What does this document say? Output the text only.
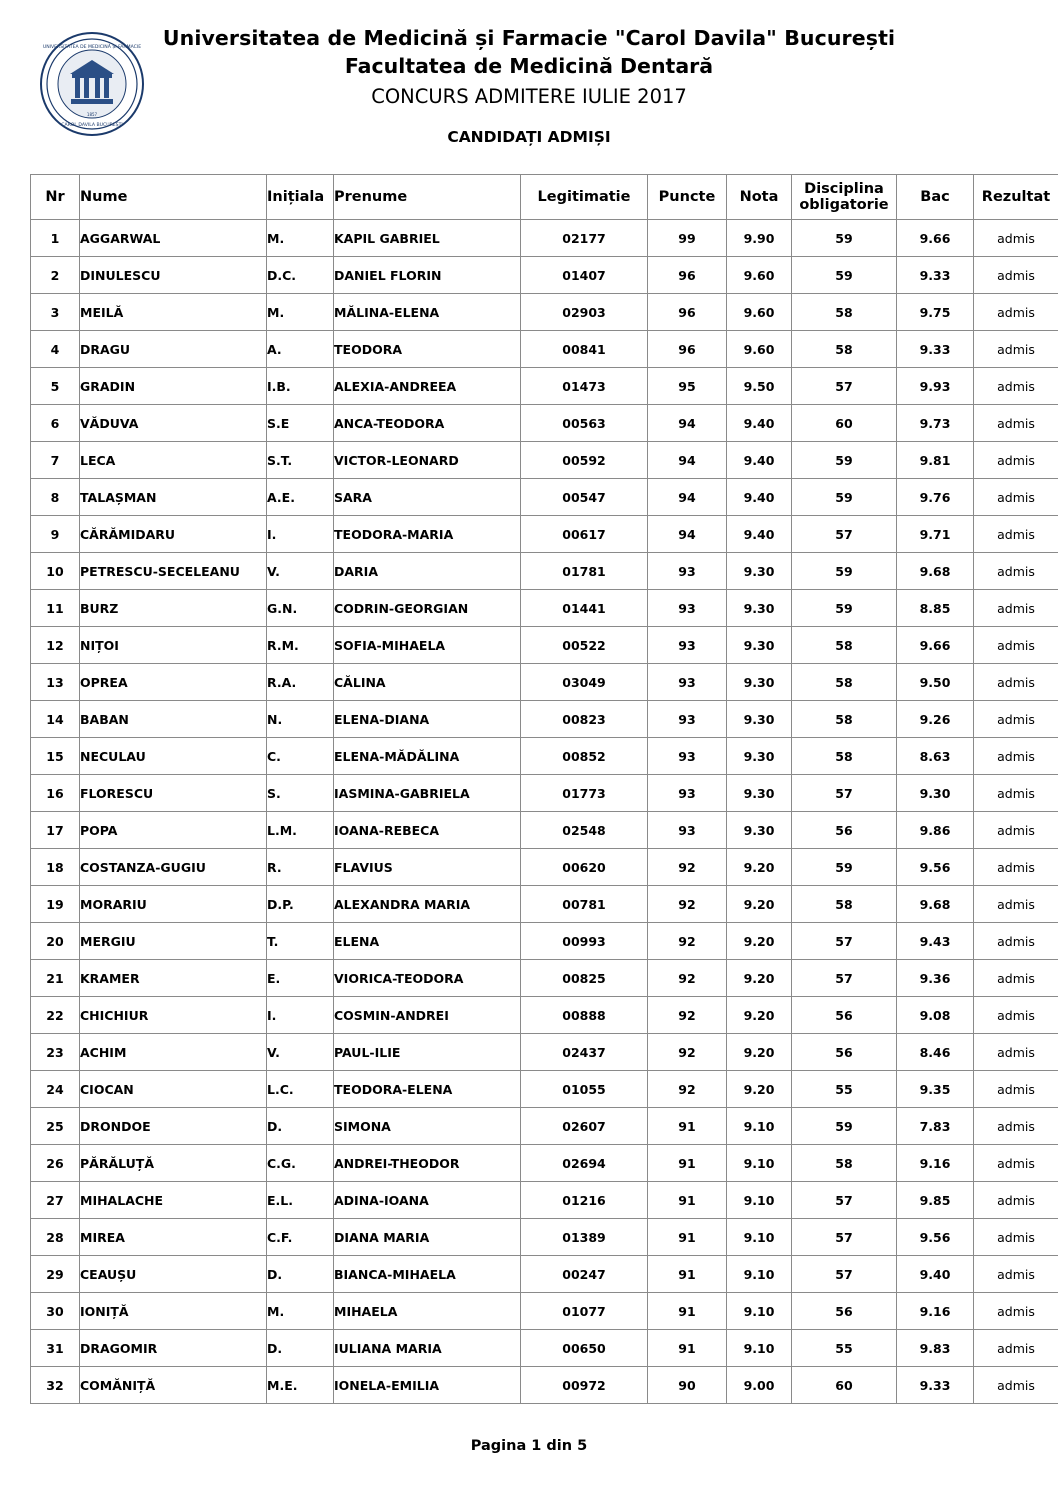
UNIVERSITATEA DE MEDICINĂ ȘI FARMACIE
CAROL DAVILA BUCUREȘTI
1857
Universitatea de Medicină și Farmacie "Carol Davila" București
Facultatea de Medicină Dentară
CONCURS ADMITERE IULIE 2017
CANDIDAȚI ADMIȘI
Nr	Nume	Inițiala	Prenume	Legitimatie	Puncte	Nota	Disciplina
obligatorie	Bac	Rezultat
1	AGGARWAL	M.	KAPIL GABRIEL	02177	99	9.90	59	9.66	admis
2	DINULESCU	D.C.	DANIEL FLORIN	01407	96	9.60	59	9.33	admis
3	MEILĂ	M.	MĂLINA-ELENA	02903	96	9.60	58	9.75	admis
4	DRAGU	A.	TEODORA	00841	96	9.60	58	9.33	admis
5	GRADIN	I.B.	ALEXIA-ANDREEA	01473	95	9.50	57	9.93	admis
6	VĂDUVA	S.E	ANCA-TEODORA	00563	94	9.40	60	9.73	admis
7	LECA	S.T.	VICTOR-LEONARD	00592	94	9.40	59	9.81	admis
8	TALAȘMAN	A.E.	SARA	00547	94	9.40	59	9.76	admis
9	CĂRĂMIDARU	I.	TEODORA-MARIA	00617	94	9.40	57	9.71	admis
10	PETRESCU-SECELEANU	V.	DARIA	01781	93	9.30	59	9.68	admis
11	BURZ	G.N.	CODRIN-GEORGIAN	01441	93	9.30	59	8.85	admis
12	NIȚOI	R.M.	SOFIA-MIHAELA	00522	93	9.30	58	9.66	admis
13	OPREA	R.A.	CĂLINA	03049	93	9.30	58	9.50	admis
14	BABAN	N.	ELENA-DIANA	00823	93	9.30	58	9.26	admis
15	NECULAU	C.	ELENA-MĂDĂLINA	00852	93	9.30	58	8.63	admis
16	FLORESCU	S.	IASMINA-GABRIELA	01773	93	9.30	57	9.30	admis
17	POPA	L.M.	IOANA-REBECA	02548	93	9.30	56	9.86	admis
18	COSTANZA-GUGIU	R.	FLAVIUS	00620	92	9.20	59	9.56	admis
19	MORARIU	D.P.	ALEXANDRA MARIA	00781	92	9.20	58	9.68	admis
20	MERGIU	T.	ELENA	00993	92	9.20	57	9.43	admis
21	KRAMER	E.	VIORICA-TEODORA	00825	92	9.20	57	9.36	admis
22	CHICHIUR	I.	COSMIN-ANDREI	00888	92	9.20	56	9.08	admis
23	ACHIM	V.	PAUL-ILIE	02437	92	9.20	56	8.46	admis
24	CIOCAN	L.C.	TEODORA-ELENA	01055	92	9.20	55	9.35	admis
25	DRONDOE	D.	SIMONA	02607	91	9.10	59	7.83	admis
26	PĂRĂLUȚĂ	C.G.	ANDREI-THEODOR	02694	91	9.10	58	9.16	admis
27	MIHALACHE	E.L.	ADINA-IOANA	01216	91	9.10	57	9.85	admis
28	MIREA	C.F.	DIANA MARIA	01389	91	9.10	57	9.56	admis
29	CEAUȘU	D.	BIANCA-MIHAELA	00247	91	9.10	57	9.40	admis
30	IONIȚĂ	M.	MIHAELA	01077	91	9.10	56	9.16	admis
31	DRAGOMIR	D.	IULIANA MARIA	00650	91	9.10	55	9.83	admis
32	COMĂNIȚĂ	M.E.	IONELA-EMILIA	00972	90	9.00	60	9.33	admis
Pagina 1 din 5
